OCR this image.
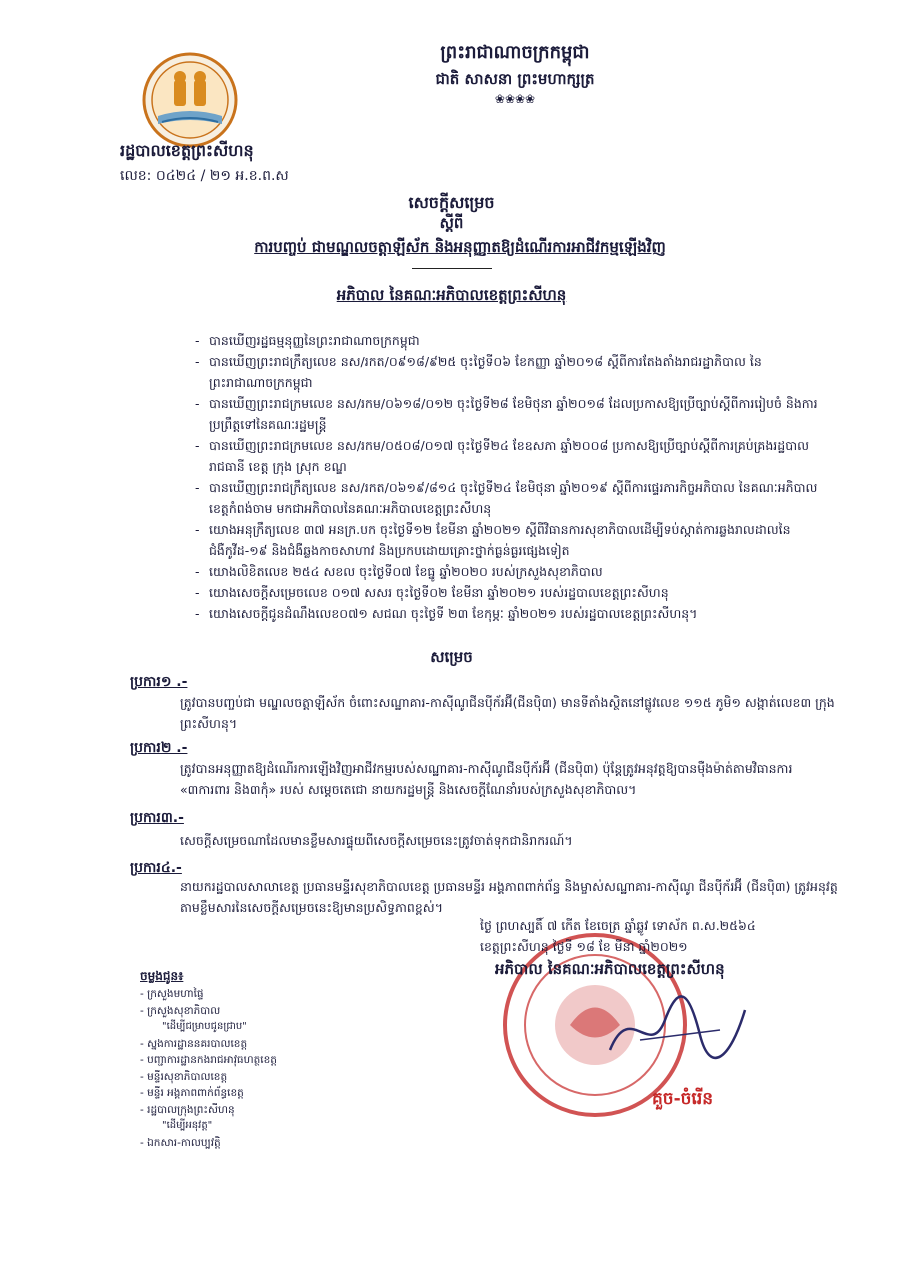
ព្រះរាជាណាចក្រកម្ពុជា
ជាតិ សាសនា ព្រះមហាក្សត្រ
❀❀❀❀
រដ្ឋបាលខេត្តព្រះសីហនុ
លេខ: ០៤២៤ / ២១ អ.ខ.ព.ស
សេចក្តីសម្រេច
ស្តីពី
ការបញ្ចប់ ជាមណ្ឌលចត្តាឡីស័ក និងអនុញ្ញាតឱ្យដំណើរការអាជីវកម្មឡើងវិញ
អភិបាល នៃគណៈអភិបាលខេត្តព្រះសីហនុ
- បានឃើញរដ្ឋធម្មនុញ្ញនៃព្រះរាជាណាចក្រកម្ពុជា
- បានឃើញព្រះរាជក្រឹត្យលេខ នស/រកត/០៩១៨/៩២៥ ចុះថ្ងៃទី០៦ ខែកញ្ញា ឆ្នាំ២០១៨ ស្តីពីការតែងតាំងរាជរដ្ឋាភិបាល នៃព្រះរាជាណាចក្រកម្ពុជា
- បានឃើញព្រះរាជក្រមលេខ នស/រកម/០៦១៨/០១២ ចុះថ្ងៃទី២៨ ខែមិថុនា ឆ្នាំ២០១៨ ដែលប្រកាសឱ្យប្រើច្បាប់ស្តីពីការរៀបចំ និងការប្រព្រឹត្តទៅនៃគណៈរដ្ឋមន្ត្រី
- បានឃើញព្រះរាជក្រមលេខ នស/រកម/០៥០៨/០១៧ ចុះថ្ងៃទី២៤ ខែឧសភា ឆ្នាំ២០០៨ ប្រកាសឱ្យប្រើច្បាប់ស្តីពីការគ្រប់គ្រងរដ្ឋបាលរាជធានី ខេត្ត ក្រុង ស្រុក ខណ្ឌ
- បានឃើញព្រះរាជក្រឹត្យលេខ នស/រកត/០៦១៩/៨១៤ ចុះថ្ងៃទី២៤ ខែមិថុនា ឆ្នាំ២០១៩ ស្តីពីការផ្ទេរភារកិច្ចអភិបាល នៃគណៈអភិបាលខេត្តកំពង់ចាម មកជាអភិបាលនៃគណៈអភិបាលខេត្តព្រះសីហនុ
- យោងអនុក្រឹត្យលេខ ៣៧ អនក្រ.បក ចុះថ្ងៃទី១២ ខែមីនា ឆ្នាំ២០២១ ស្តីពីវិធានការសុខាភិបាលដើម្បីទប់ស្កាត់ការឆ្លងរាលដាលនៃជំងឺកូវីដ-១៩ និងជំងឺឆ្លងកាចសាហាវ និងប្រកបដោយគ្រោះថ្នាក់ធ្ងន់ធ្ងរផ្សេងទៀត
- យោងលិខិតលេខ ២៥៤ សខល ចុះថ្ងៃទី០៧ ខែធ្នូ ឆ្នាំ២០២០ របស់ក្រសួងសុខាភិបាល
- យោងសេចក្តីសម្រេចលេខ ០១៧ សសរ ចុះថ្ងៃទី០២ ខែមីនា ឆ្នាំ២០២១ របស់រដ្ឋបាលខេត្តព្រះសីហនុ
- យោងសេចក្តីជូនដំណឹងលេខ០៧១ សជណ ចុះថ្ងៃទី ២៣ ខែកុម្ភៈ ឆ្នាំ២០២១ របស់រដ្ឋបាលខេត្តព្រះសីហនុ។
សម្រេច
ប្រការ១ .-
ត្រូវបានបញ្ចប់ជា មណ្ឌលចត្តាឡីស័ក ចំពោះសណ្ឋាគារ-កាស៊ីណូជីនប៉ីក័រអ៊ី(ជីនប៉ិ៣) មានទីតាំងស្ថិតនៅផ្លូវលេខ ១១៥ ភូមិ១ សង្កាត់លេខ៣ ក្រុងព្រះសីហនុ។
ប្រការ២ .-
ត្រូវបានអនុញ្ញាតឱ្យដំណើរការឡើងវិញអាជីវកម្មរបស់សណ្ឋាគារ-កាស៊ីណូជីនប៉ីក័រអ៊ី (ជីនប៉ិ៣) ប៉ុន្តែត្រូវអនុវត្តឱ្យបានម៉ឺងម៉ាត់តាមវិធានការ «៣ការពារ និង៣កុំ» របស់ សម្តេចតេជោ នាយករដ្ឋមន្ត្រី និងសេចក្តីណែនាំរបស់ក្រសួងសុខាភិបាល។
ប្រការ៣.-
សេចក្តីសម្រេចណាដែលមានខ្លឹមសារផ្ទុយពីសេចក្តីសម្រេចនេះត្រូវចាត់ទុកជានិរាករណ៍។
ប្រការ៤.-
នាយករដ្ឋបាលសាលាខេត្ត ប្រធានមន្ទីរសុខាភិបាលខេត្ត ប្រធានមន្ទីរ អង្គភាពពាក់ព័ន្ធ និងម្ចាស់សណ្ឋាគារ-កាស៊ីណូ ជីនប៉ីក័រអ៊ី (ជីនប៉ិ៣) ត្រូវអនុវត្តតាមខ្លឹមសារនៃសេចក្តីសម្រេចនេះឱ្យមានប្រសិទ្ធភាពខ្ពស់។
ថ្ងៃ ព្រហស្បតិ៍ ៧ កើត ខែចេត្រ ឆ្នាំឆ្លូវ ទោស័ក ព.ស.២៥៦៤
ខេត្តព្រះសីហនុ ថ្ងៃទី ១៨ ខែ មីនា ឆ្នាំ២០២១
អភិបាល នៃគណៈអភិបាលខេត្តព្រះសីហនុ
គួច-ចំរើន
ចម្លងជូន៖
- ក្រសួងមហាផ្ទៃ
- ក្រសួងសុខាភិបាល
"ដើម្បីជម្រាបជូនជ្រាប"
- ស្នងការដ្ឋាននគរបាលខេត្ត
- បញ្ជាការដ្ឋានកងរាជអាវុធហត្ថខេត្ត
- មន្ទីរសុខាភិបាលខេត្ត
- មន្ទីរ អង្គភាពពាក់ព័ន្ធខេត្ត
- រដ្ឋបាលក្រុងព្រះសីហនុ
"ដើម្បីអនុវត្ត"
- ឯកសារ-កាលប្បវត្តិ
